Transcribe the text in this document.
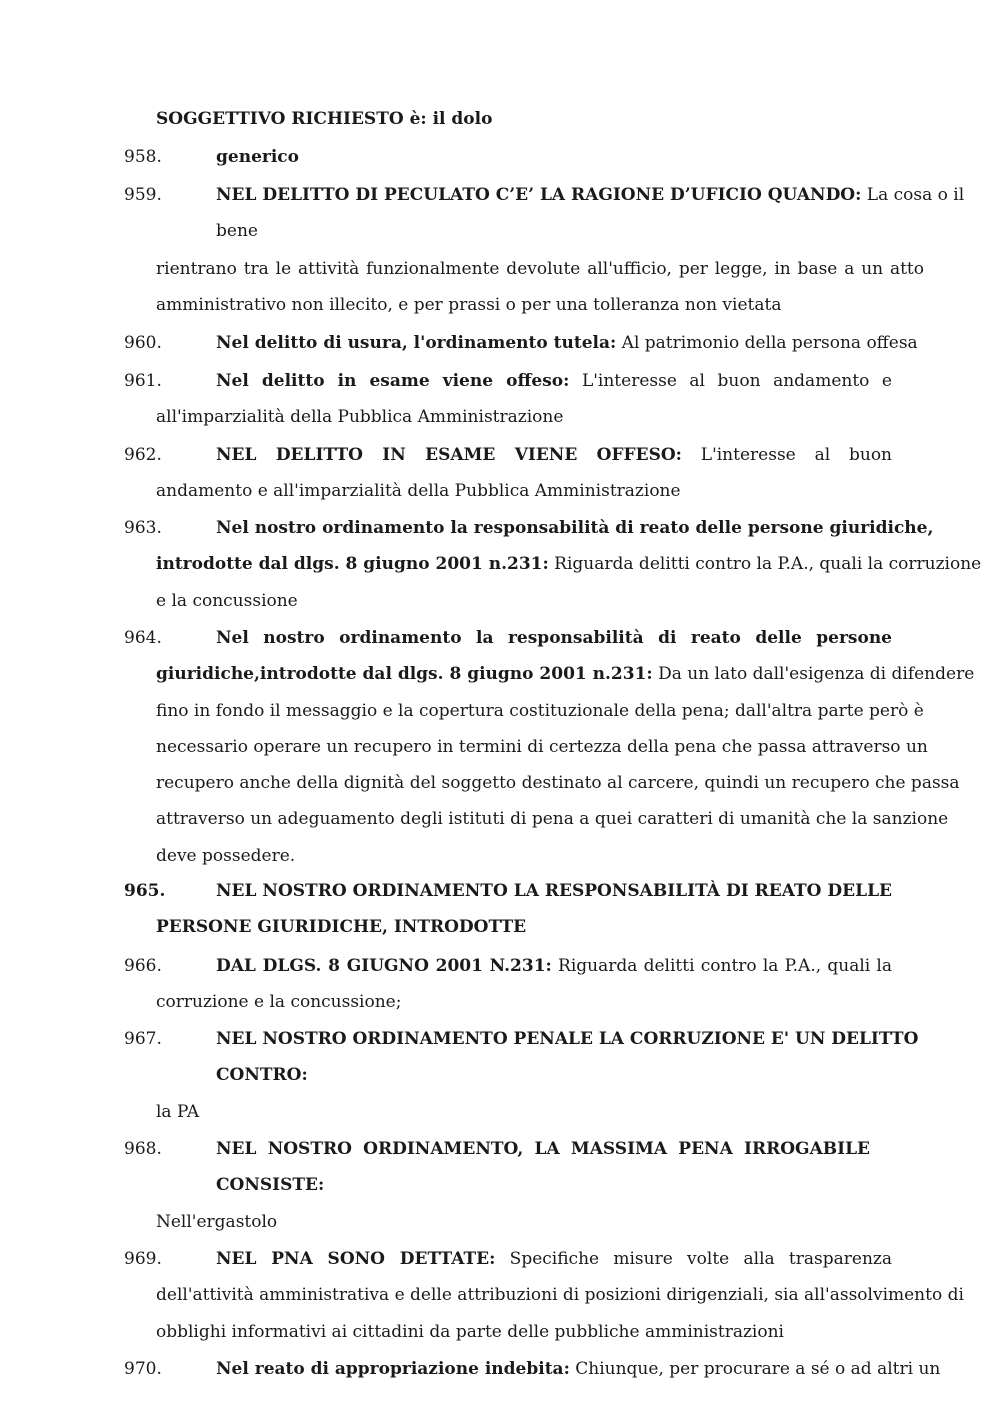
SOGGETTIVO RICHIESTO è: il dolo
958.	generico
959.	NEL DELITTO DI PECULATO C’E’ LA RAGIONE D’UFICIO QUANDO: La cosa o il
bene
rientrano tra le attività funzionalmente devolute all'ufficio, per legge, in base a un atto
amministrativo non illecito, e per prassi o per una tolleranza non vietata
960.	Nel delitto di usura, l'ordinamento tutela: Al patrimonio della persona offesa
961.	Nel delitto in esame viene offeso: L'interesse al buon andamento e
all'imparzialità della Pubblica Amministrazione
962.	NEL DELITTO IN ESAME VIENE OFFESO: L'interesse al buon
andamento e all'imparzialità della Pubblica Amministrazione
963.	Nel nostro ordinamento la responsabilità di reato delle persone giuridiche,
introdotte dal dlgs. 8 giugno 2001 n.231: Riguarda delitti contro la P.A., quali la corruzione
e la concussione
964.	Nel nostro ordinamento la responsabilità di reato delle persone
giuridiche,introdotte dal dlgs. 8 giugno 2001 n.231: Da un lato dall'esigenza di difendere
fino in fondo il messaggio e la copertura costituzionale della pena; dall'altra parte però è
necessario operare un recupero in termini di certezza della pena che passa attraverso un
recupero anche della dignità del soggetto destinato al carcere, quindi un recupero che passa
attraverso un adeguamento degli istituti di pena a quei caratteri di umanità che la sanzione
deve possedere.
965.	NEL NOSTRO ORDINAMENTO LA RESPONSABILITÀ DI REATO DELLE
PERSONE GIURIDICHE, INTRODOTTE
966.	DAL DLGS. 8 GIUGNO 2001 N.231: Riguarda delitti contro la P.A., quali la
corruzione e la concussione;
967.	NEL NOSTRO ORDINAMENTO PENALE LA CORRUZIONE E' UN DELITTO
CONTRO:
la PA
968.	NEL NOSTRO ORDINAMENTO, LA MASSIMA PENA IRROGABILE
CONSISTE:
Nell'ergastolo
969.	NEL PNA SONO DETTATE: Specifiche misure volte alla trasparenza
dell'attività amministrativa e delle attribuzioni di posizioni dirigenziali, sia all'assolvimento di
obblighi informativi ai cittadini da parte delle pubbliche amministrazioni
970.	Nel reato di appropriazione indebita: Chiunque, per procurare a sé o ad altri un
